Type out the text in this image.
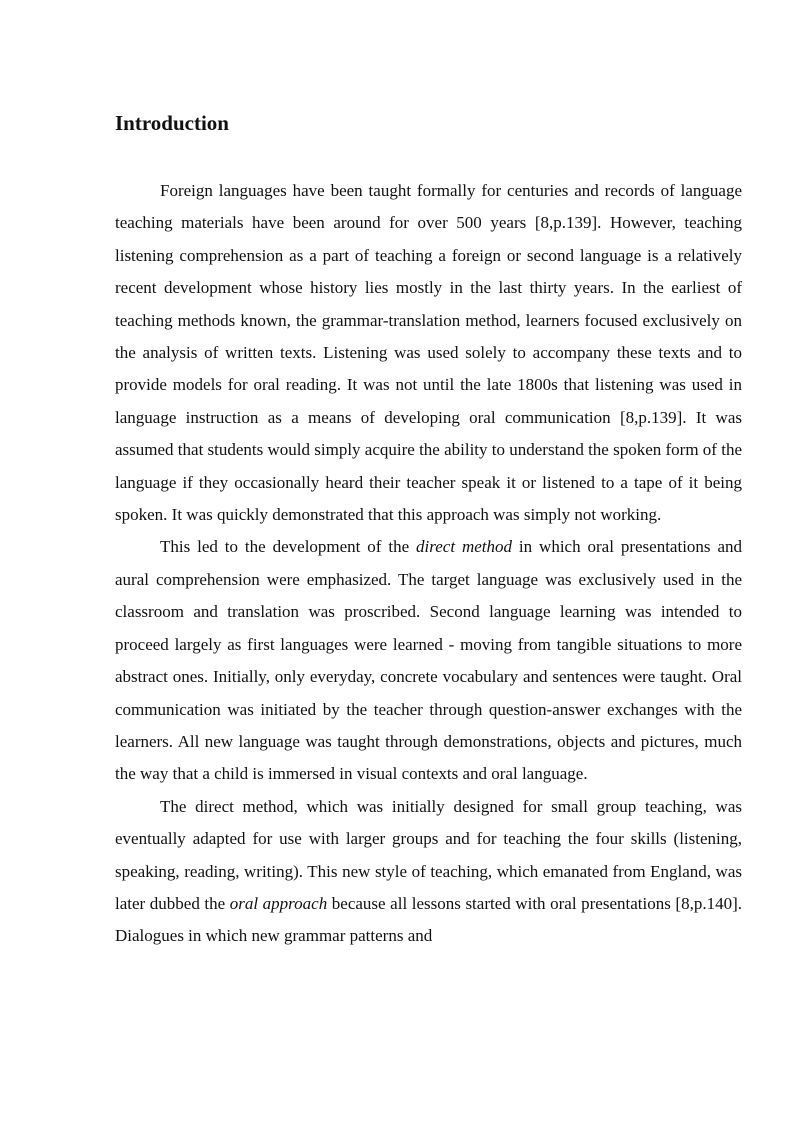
Introduction

Foreign languages have been taught formally for centuries and records of language teaching materials have been around for over 500 years [8,p.139]. However, teaching listening comprehension as a part of teaching a foreign or second language is a relatively recent development whose history lies mostly in the last thirty years. In the earliest of teaching methods known, the grammar-translation method, learners focused exclusively on the analysis of written texts. Listening was used solely to accompany these texts and to provide models for oral reading. It was not until the late 1800s that listening was used in language instruction as a means of developing oral communication [8,p.139]. It was assumed that students would simply acquire the ability to understand the spoken form of the language if they occasionally heard their teacher speak it or listened to a tape of it being spoken. It was quickly demonstrated that this approach was simply not working.

This led to the development of the direct method in which oral presentations and aural comprehension were emphasized. The target language was exclusively used in the classroom and translation was proscribed. Second language learning was intended to proceed largely as first languages were learned - moving from tangible situations to more abstract ones. Initially, only everyday, concrete vocabulary and sentences were taught. Oral communication was initiated by the teacher through question-answer exchanges with the learners. All new language was taught through demonstrations, objects and pictures, much the way that a child is immersed in visual contexts and oral language.

The direct method, which was initially designed for small group teaching, was eventually adapted for use with larger groups and for teaching the four skills (listening, speaking, reading, writing). This new style of teaching, which emanated from England, was later dubbed the oral approach because all lessons started with oral presentations [8,p.140]. Dialogues in which new grammar patterns and
